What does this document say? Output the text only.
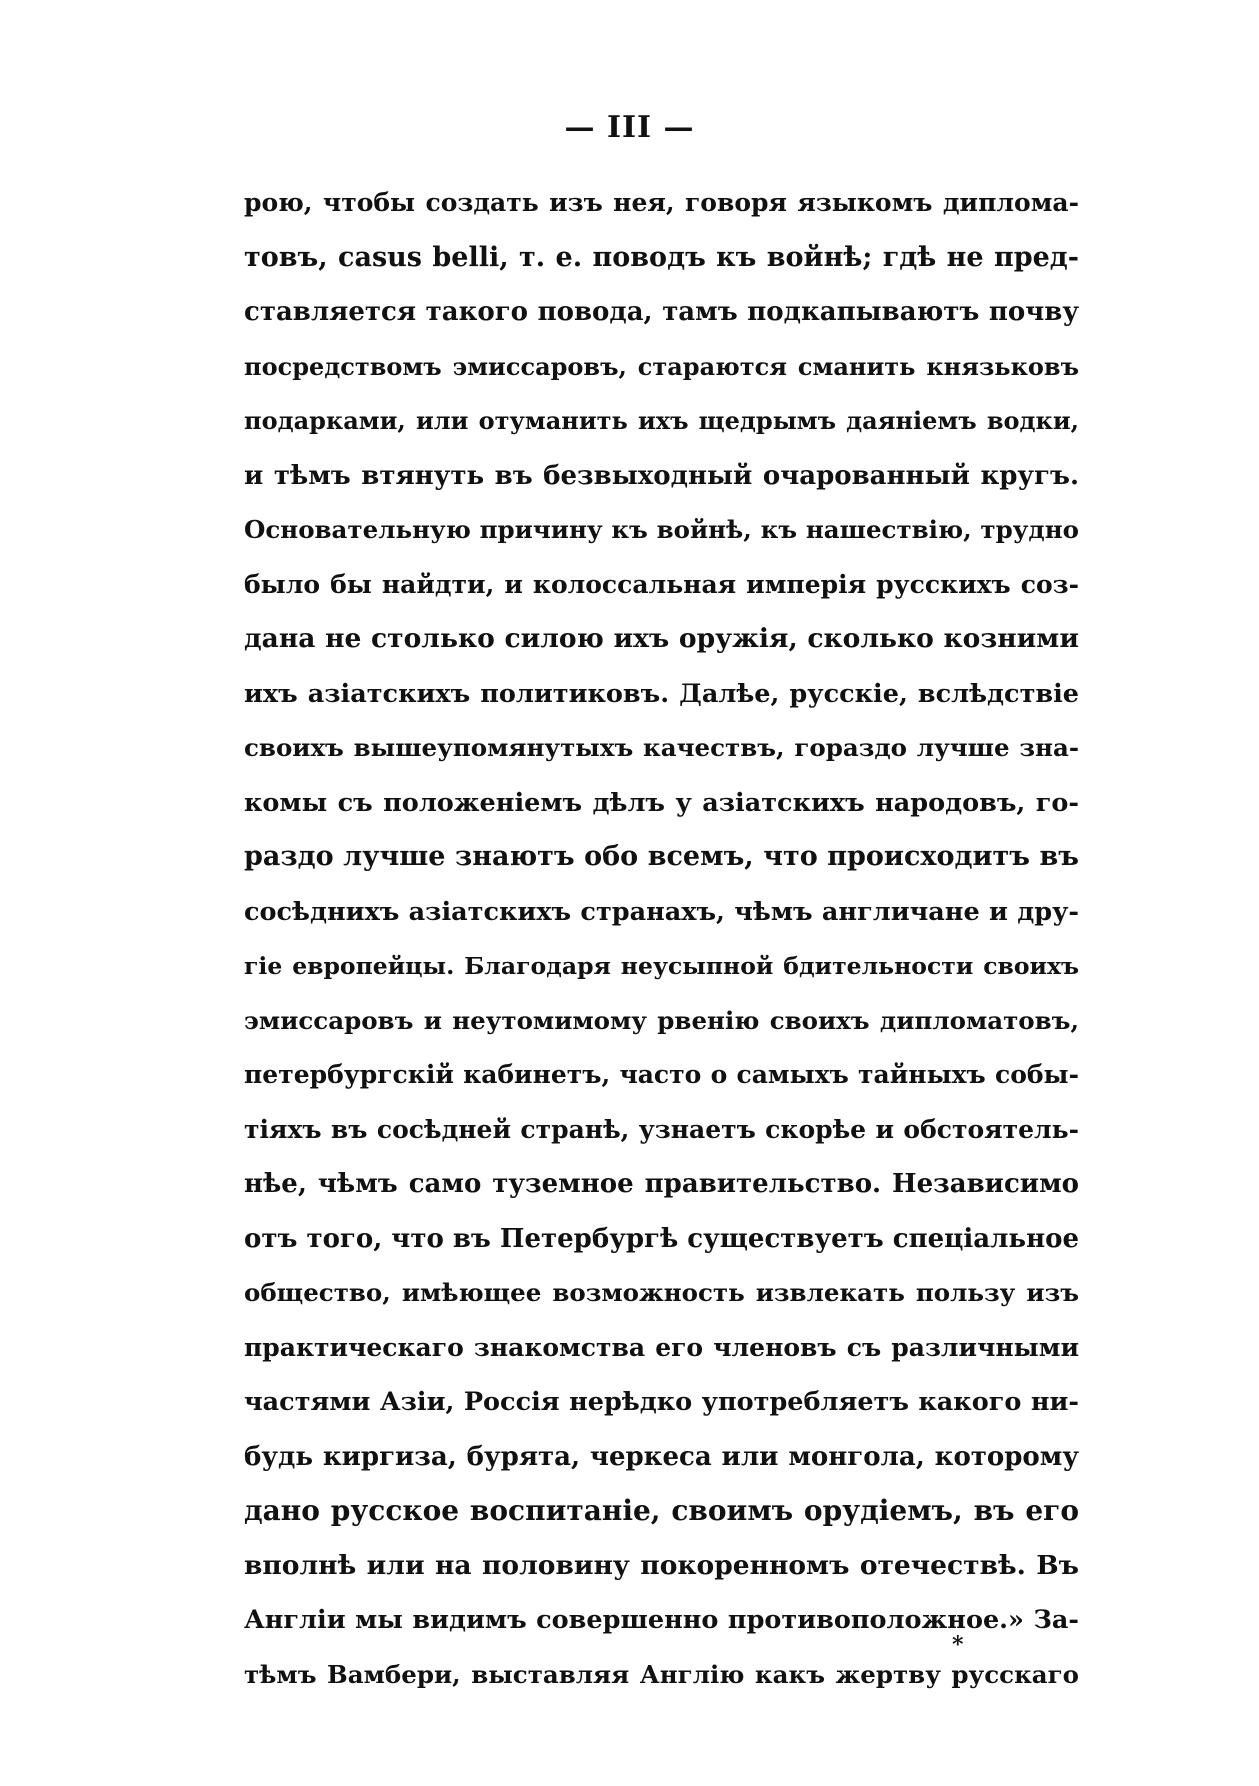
— III —
рою, чтобы создать изъ нея, говоря языкомъ диплома-
товъ, casus belli, т. е. поводъ къ войнѣ; гдѣ не пред-
ставляется такого повода, тамъ подкапываютъ почву
посредствомъ эмиссаровъ, стараются сманить князьковъ
подарками, или отуманить ихъ щедрымъ даяніемъ водки,
и тѣмъ втянуть въ безвыходный очарованный кругъ.
Основательную причину къ войнѣ, къ нашествію, трудно
было бы найдти, и колоссальная имперія русскихъ соз-
дана не столько силою ихъ оружія, сколько козними
ихъ азіатскихъ политиковъ. Далѣе, русскіе, вслѣдствіе
своихъ вышеупомянутыхъ качествъ, гораздо лучше зна-
комы съ положеніемъ дѣлъ у азіатскихъ народовъ, го-
раздо лучше знаютъ обо всемъ, что происходитъ въ
сосѣднихъ азіатскихъ странахъ, чѣмъ англичане и дру-
гіе европейцы. Благодаря неусыпной бдительности своихъ
эмиссаровъ и неутомимому рвенію своихъ дипломатовъ,
петербургскій кабинетъ, часто о самыхъ тайныхъ собы-
тіяхъ въ сосѣдней странѣ, узнаетъ скорѣе и обстоятель-
нѣе, чѣмъ само туземное правительство. Независимо
отъ того, что въ Петербургѣ существуетъ спеціальное
общество, имѣющее возможность извлекать пользу изъ
практическаго знакомства его членовъ съ различными
частями Азіи, Россія нерѣдко употребляетъ какого ни-
будь киргиза, бурята, черкеса или монгола, которому
дано русское воспитаніе, своимъ орудіемъ, въ его
вполнѣ или на половину покоренномъ отечествѣ. Въ
Англіи мы видимъ совершенно противоположное.» За-
тѣмъ Вамбери, выставляя Англію какъ жертву русскаго
*
